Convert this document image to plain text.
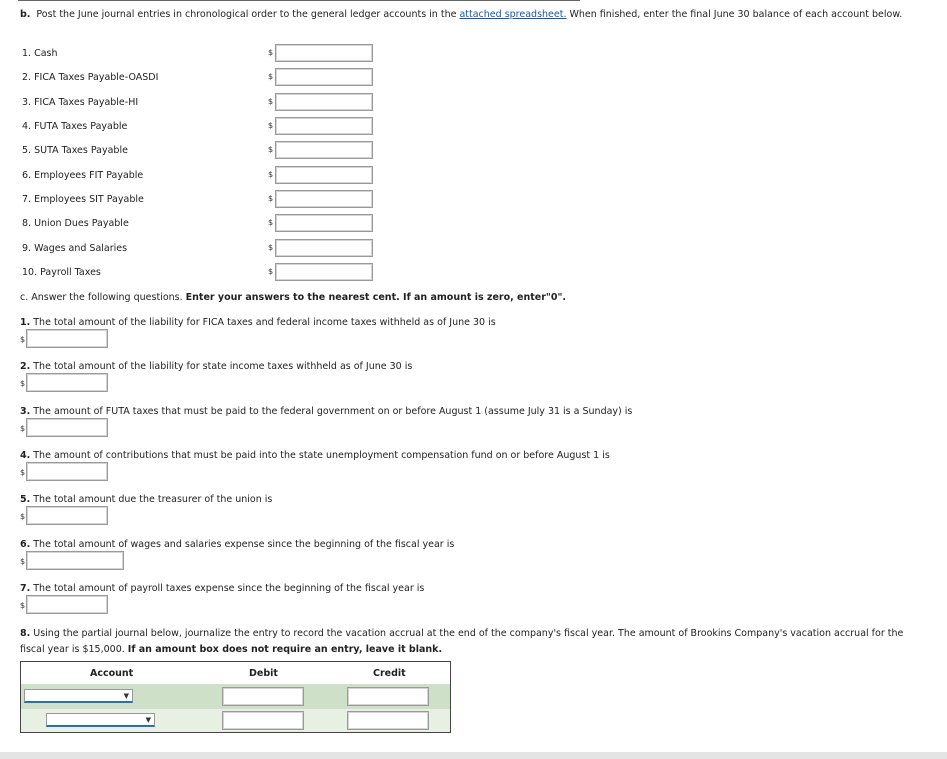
b. Post the June journal entries in chronological order to the general ledger accounts in the attached spreadsheet. When finished, enter the final June 30 balance of each account below.
1. Cash
2. FICA Taxes Payable-OASDI
3. FICA Taxes Payable-HI
4. FUTA Taxes Payable
5. SUTA Taxes Payable
6. Employees FIT Payable
7. Employees SIT Payable
8. Union Dues Payable
9. Wages and Salaries
10. Payroll Taxes
$
$
$
$
$
$
$
$
$
$
c. Answer the following questions. Enter your answers to the nearest cent. If an amount is zero, enter"0".
1. The total amount of the liability for FICA taxes and federal income taxes withheld as of June 30 is
$
2. The total amount of the liability for state income taxes withheld as of June 30 is
$
3. The amount of FUTA taxes that must be paid to the federal government on or before August 1 (assume July 31 is a Sunday) is
$
4. The amount of contributions that must be paid into the state unemployment compensation fund on or before August 1 is
$
5. The total amount due the treasurer of the union is
$
6. The total amount of wages and salaries expense since the beginning of the fiscal year is
$
7. The total amount of payroll taxes expense since the beginning of the fiscal year is
$
8. Using the partial journal below, journalize the entry to record the vacation accrual at the end of the company's fiscal year. The amount of Brookins Company's vacation accrual for the fiscal year is $15,000. If an amount box does not require an entry, leave it blank.
Account	Debit	Credit
▼
▼
